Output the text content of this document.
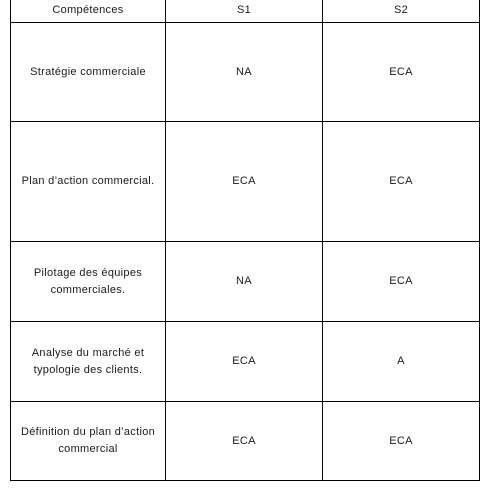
Compétences	S1	S2
Stratégie commerciale	NA	ECA
Plan d’action commercial.	ECA	ECA
Pilotage des équipes commerciales.	NA	ECA
Analyse du marché et typologie des clients.	ECA	A
Définition du plan d’action commercial	ECA	ECA
